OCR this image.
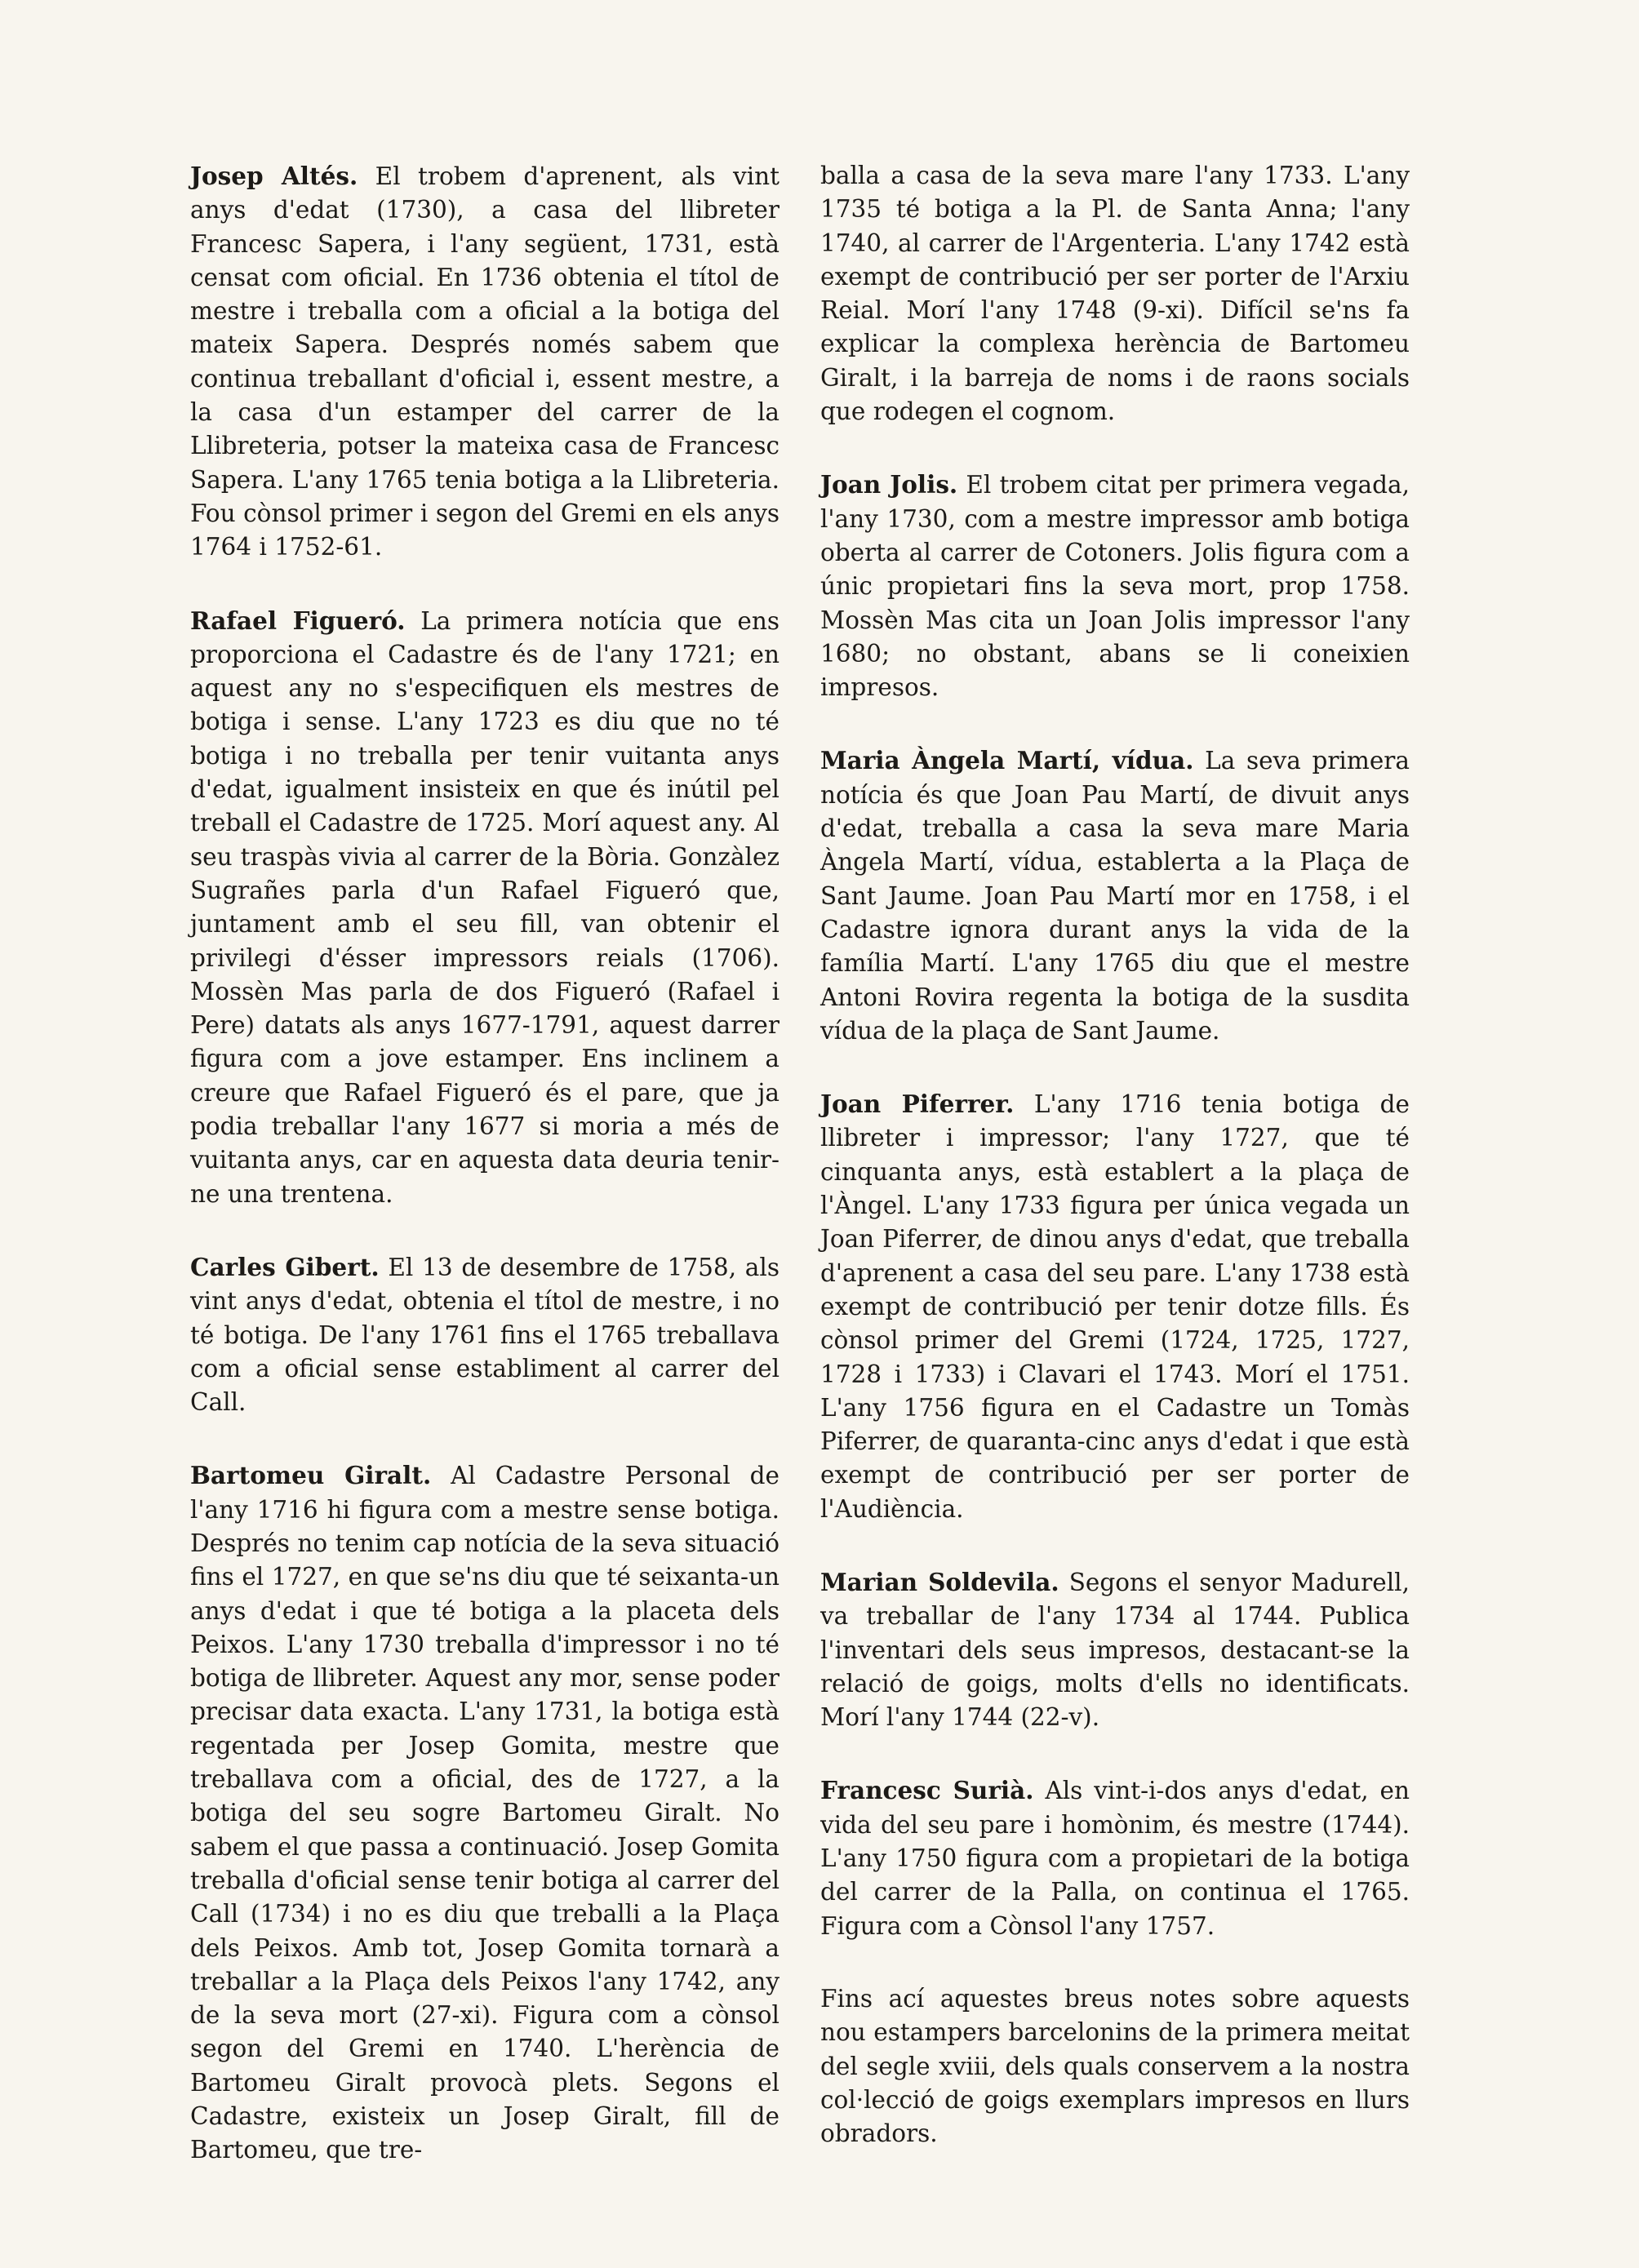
Josep Altés. El trobem d'aprenent, als vint anys d'edat (1730), a casa del llibreter Francesc Sapera, i l'any següent, 1731, està censat com oficial. En 1736 obtenia el títol de mestre i treballa com a oficial a la botiga del mateix Sapera. Després només sabem que continua treballant d'oficial i, essent mestre, a la casa d'un estamper del carrer de la Llibreteria, potser la mateixa casa de Francesc Sapera. L'any 1765 tenia botiga a la Llibreteria. Fou cònsol primer i segon del Gremi en els anys 1764 i 1752-61.

Rafael Figueró. La primera notícia que ens proporciona el Cadastre és de l'any 1721; en aquest any no s'especifiquen els mestres de botiga i sense. L'any 1723 es diu que no té botiga i no treballa per tenir vuitanta anys d'edat, igualment insisteix en que és inútil pel treball el Cadastre de 1725. Morí aquest any. Al seu traspàs vivia al carrer de la Bòria. Gonzàlez Sugrañes parla d'un Rafael Figueró que, juntament amb el seu fill, van obtenir el privilegi d'ésser impressors reials (1706). Mossèn Mas parla de dos Figueró (Rafael i Pere) datats als anys 1677-1791, aquest darrer figura com a jove estamper. Ens inclinem a creure que Rafael Figueró és el pare, que ja podia treballar l'any 1677 si moria a més de vuitanta anys, car en aquesta data deuria tenir-ne una trentena.

Carles Gibert. El 13 de desembre de 1758, als vint anys d'edat, obtenia el títol de mestre, i no té botiga. De l'any 1761 fins el 1765 treballava com a oficial sense establiment al carrer del Call.

Bartomeu Giralt. Al Cadastre Personal de l'any 1716 hi figura com a mestre sense botiga. Després no tenim cap notícia de la seva situació fins el 1727, en que se'ns diu que té seixanta-un anys d'edat i que té botiga a la placeta dels Peixos. L'any 1730 treballa d'impressor i no té botiga de llibreter. Aquest any mor, sense poder precisar data exacta. L'any 1731, la botiga està regentada per Josep Gomita, mestre que treballava com a oficial, des de 1727, a la botiga del seu sogre Bartomeu Giralt. No sabem el que passa a continuació. Josep Gomita treballa d'oficial sense tenir botiga al carrer del Call (1734) i no es diu que treballi a la Plaça dels Peixos. Amb tot, Josep Gomita tornarà a treballar a la Plaça dels Peixos l'any 1742, any de la seva mort (27-xi). Figura com a cònsol segon del Gremi en 1740. L'herència de Bartomeu Giralt provocà plets. Segons el Cadastre, existeix un Josep Giralt, fill de Bartomeu, que tre-

balla a casa de la seva mare l'any 1733. L'any 1735 té botiga a la Pl. de Santa Anna; l'any 1740, al carrer de l'Argenteria. L'any 1742 està exempt de contribució per ser porter de l'Arxiu Reial. Morí l'any 1748 (9-xi). Difícil se'ns fa explicar la complexa herència de Bartomeu Giralt, i la barreja de noms i de raons socials que rodegen el cognom.

Joan Jolis. El trobem citat per primera vegada, l'any 1730, com a mestre impressor amb botiga oberta al carrer de Cotoners. Jolis figura com a únic propietari fins la seva mort, prop 1758. Mossèn Mas cita un Joan Jolis impressor l'any 1680; no obstant, abans se li coneixien impresos.

Maria Àngela Martí, vídua. La seva primera notícia és que Joan Pau Martí, de divuit anys d'edat, treballa a casa la seva mare Maria Àngela Martí, vídua, establerta a la Plaça de Sant Jaume. Joan Pau Martí mor en 1758, i el Cadastre ignora durant anys la vida de la família Martí. L'any 1765 diu que el mestre Antoni Rovira regenta la botiga de la susdita vídua de la plaça de Sant Jaume.

Joan Piferrer. L'any 1716 tenia botiga de llibreter i impressor; l'any 1727, que té cinquanta anys, està establert a la plaça de l'Àngel. L'any 1733 figura per única vegada un Joan Piferrer, de dinou anys d'edat, que treballa d'aprenent a casa del seu pare. L'any 1738 està exempt de contribució per tenir dotze fills. És cònsol primer del Gremi (1724, 1725, 1727, 1728 i 1733) i Clavari el 1743. Morí el 1751. L'any 1756 figura en el Cadastre un Tomàs Piferrer, de quaranta-cinc anys d'edat i que està exempt de contribució per ser porter de l'Audiència.

Marian Soldevila. Segons el senyor Madurell, va treballar de l'any 1734 al 1744. Publica l'inventari dels seus impresos, destacant-se la relació de goigs, molts d'ells no identificats. Morí l'any 1744 (22-v).

Francesc Surià. Als vint-i-dos anys d'edat, en vida del seu pare i homònim, és mestre (1744). L'any 1750 figura com a propietari de la botiga del carrer de la Palla, on continua el 1765. Figura com a Cònsol l'any 1757.

Fins ací aquestes breus notes sobre aquests nou estampers barcelonins de la primera meitat del segle xviii, dels quals conservem a la nostra col·lecció de goigs exemplars impresos en llurs obradors.
